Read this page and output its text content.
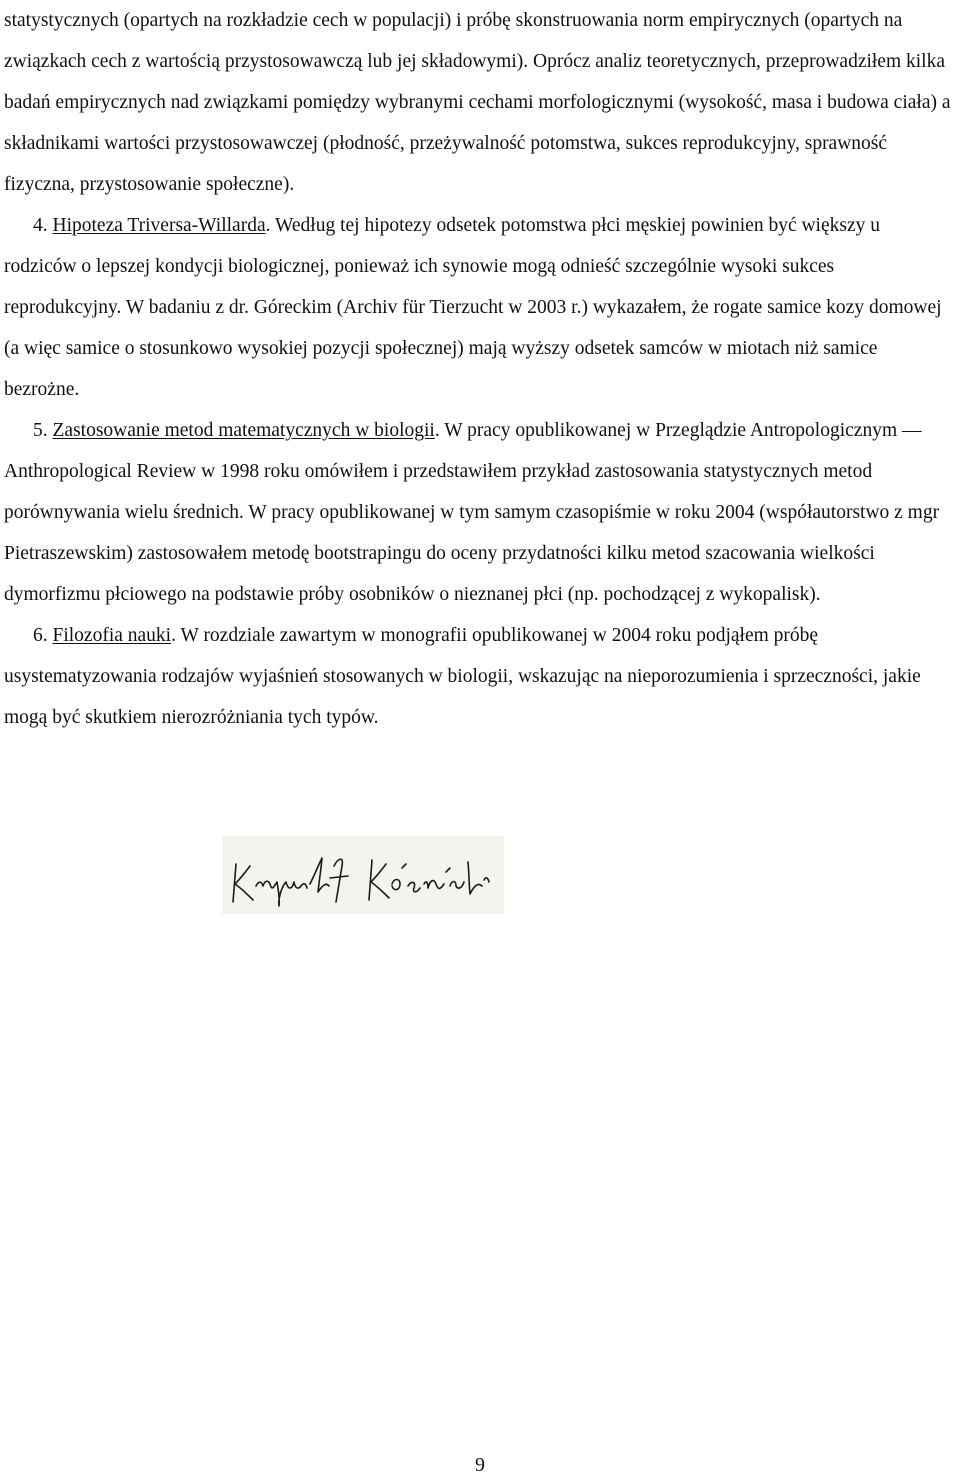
statystycznych (opartych na rozkładzie cech w populacji) i próbę skonstruowania norm empirycznych (opartych na związkach cech z wartością przystosowawczą lub jej składowymi). Oprócz analiz teoretycznych, przeprowadziłem kilka badań empirycznych nad związkami pomiędzy wybranymi cechami morfologicznymi (wysokość, masa i budowa ciała) a składnikami wartości przystosowawczej (płodność, przeżywalność potomstwa, sukces reprodukcyjny, sprawność fizyczna, przystosowanie społeczne).

4. Hipoteza Triversa-Willarda. Według tej hipotezy odsetek potomstwa płci męskiej powinien być większy u rodziców o lepszej kondycji biologicznej, ponieważ ich synowie mogą odnieść szczególnie wysoki sukces reprodukcyjny. W badaniu z dr. Góreckim (Archiv für Tierzucht w 2003 r.) wykazałem, że rogate samice kozy domowej (a więc samice o stosunkowo wysokiej pozycji społecznej) mają wyższy odsetek samców w miotach niż samice bezrożne.

5. Zastosowanie metod matematycznych w biologii. W pracy opublikowanej w Przeglądzie Antropologicznym — Anthropological Review w 1998 roku omówiłem i przedstawiłem przykład zastosowania statystycznych metod porównywania wielu średnich. W pracy opublikowanej w tym samym czasopiśmie w roku 2004 (współautorstwo z mgr Pietraszewskim) zastosowałem metodę bootstrapingu do oceny przydatności kilku metod szacowania wielkości dymorfizmu płciowego na podstawie próby osobników o nieznanej płci (np. pochodzącej z wykopalisk).

6. Filozofia nauki. W rozdziale zawartym w monografii opublikowanej w 2004 roku podjąłem próbę usystematyzowania rodzajów wyjaśnień stosowanych w biologii, wskazując na nieporozumienia i sprzeczności, jakie mogą być skutkiem nierozróżniania tych typów.

9
